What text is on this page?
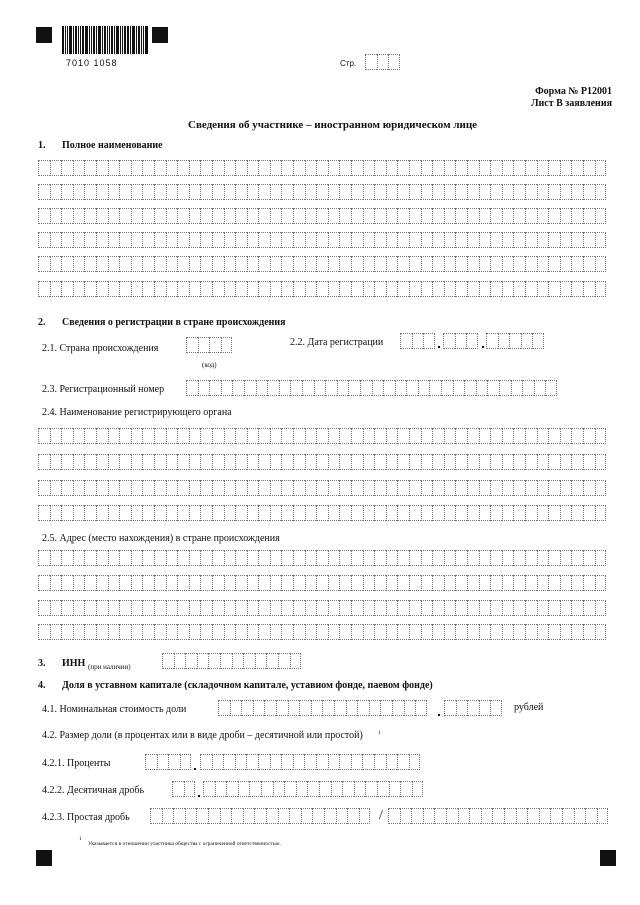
7010 1058	Стр.
Форма № Р12001
Лист В заявления
Сведения об участнике – иностранном юридическом лице
1. Полное наименование
2. Сведения о регистрации в стране происхождения
2.1. Страна происхождения
(код)
2.2. Дата регистрации
2.3. Регистрационный номер
2.4. Наименование регистрирующего органа
2.5. Адрес (место нахождения) в стране происхождения
3. ИНН (при наличии)
4. Доля в уставном капитале (складочном капитале, уставном фонде, паевом фонде)
4.1. Номинальная стоимость доли	рублей
4.2. Размер доли (в процентах или в виде дроби – десятичной или простой)	1
4.2.1. Проценты
4.2.2. Десятичная дробь
4.2.3. Простая дробь	/
1
Указывается в отношении участника общества с ограниченной ответственностью.
